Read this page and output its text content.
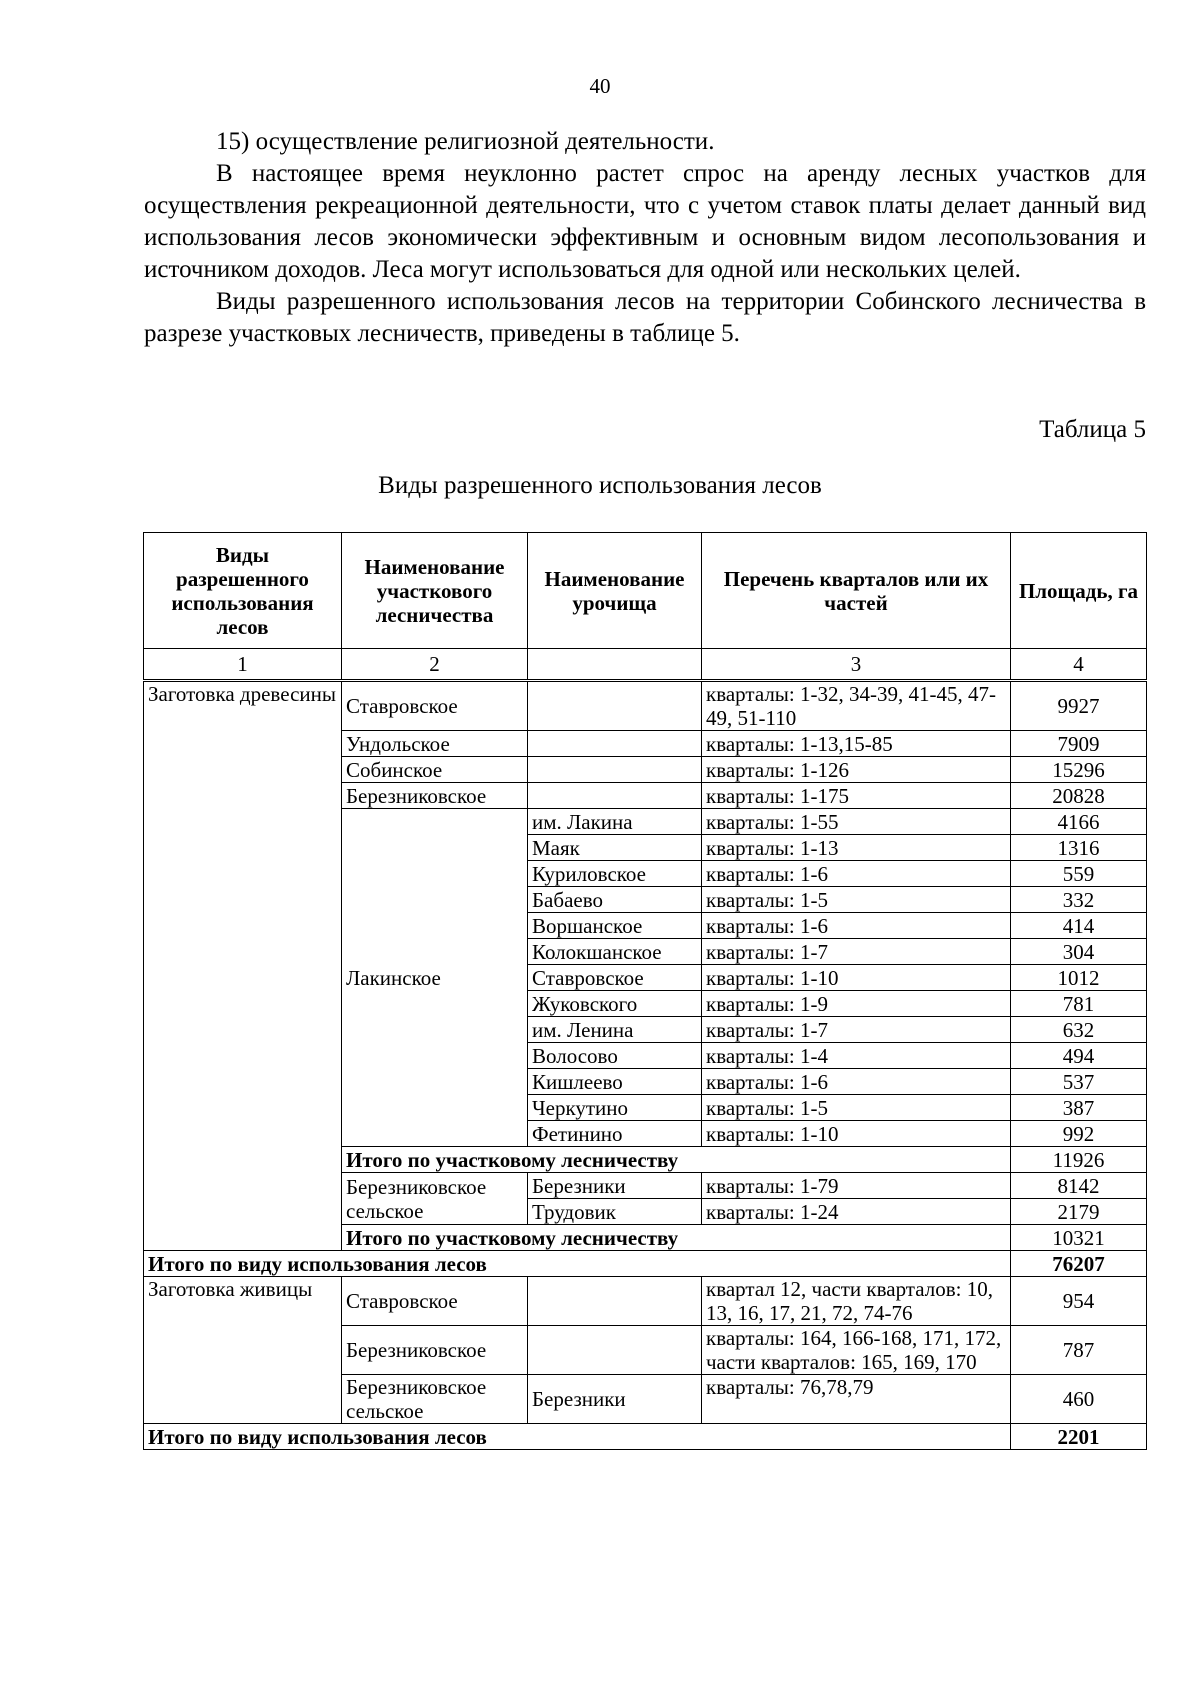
40

15) осуществление религиозной деятельности.

В настоящее время неуклонно растет спрос на аренду лесных участков для осуществления рекреационной деятельности, что с учетом ставок платы делает данный вид использования лесов экономически эффективным и основным видом лесопользования и источником доходов. Леса могут использоваться для одной или нескольких целей.

Виды разрешенного использования лесов на территории Собинского лесничества в разрезе участковых лесничеств, приведены в таблице 5.

Таблица 5
Виды разрешенного использования лесов
Виды разрешенного использования лесов	Наименование участкового лесничества	Наименование урочища	Перечень кварталов или их частей	Площадь, га
1	2		3	4
Заготовка древесины	Ставровское		кварталы: 1-32, 34-39, 41-45, 47-49, 51-110	9927
	Ундольское		кварталы: 1-13,15-85	7909
	Собинское		кварталы: 1-126	15296
	Березниковское		кварталы: 1-175	20828
	Лакинское	им. Лакина	кварталы: 1-55	4166
		Маяк	кварталы: 1-13	1316
		Куриловское	кварталы: 1-6	559
		Бабаево	кварталы: 1-5	332
		Воршанское	кварталы: 1-6	414
		Колокшанское	кварталы: 1-7	304
		Ставровское	кварталы: 1-10	1012
		Жуковского	кварталы: 1-9	781
		им. Ленина	кварталы: 1-7	632
		Волосово	кварталы: 1-4	494
		Кишлеево	кварталы: 1-6	537
		Черкутино	кварталы: 1-5	387
		Фетинино	кварталы: 1-10	992
	Итого по участковому лесничеству			11926
	Березниковское сельское	Березники	кварталы: 1-79	8142
		Трудовик	кварталы: 1-24	2179
	Итого по участковому лесничеству			10321
Итого по виду использования лесов				76207
Заготовка живицы	Ставровское		квартал 12, части кварталов: 10, 13, 16, 17, 21, 72, 74-76	954
	Березниковское		кварталы: 164, 166-168, 171, 172, части кварталов: 165, 169, 170	787
	Березниковское сельское	Березники	кварталы: 76,78,79	460
Итого по виду использования лесов				2201
